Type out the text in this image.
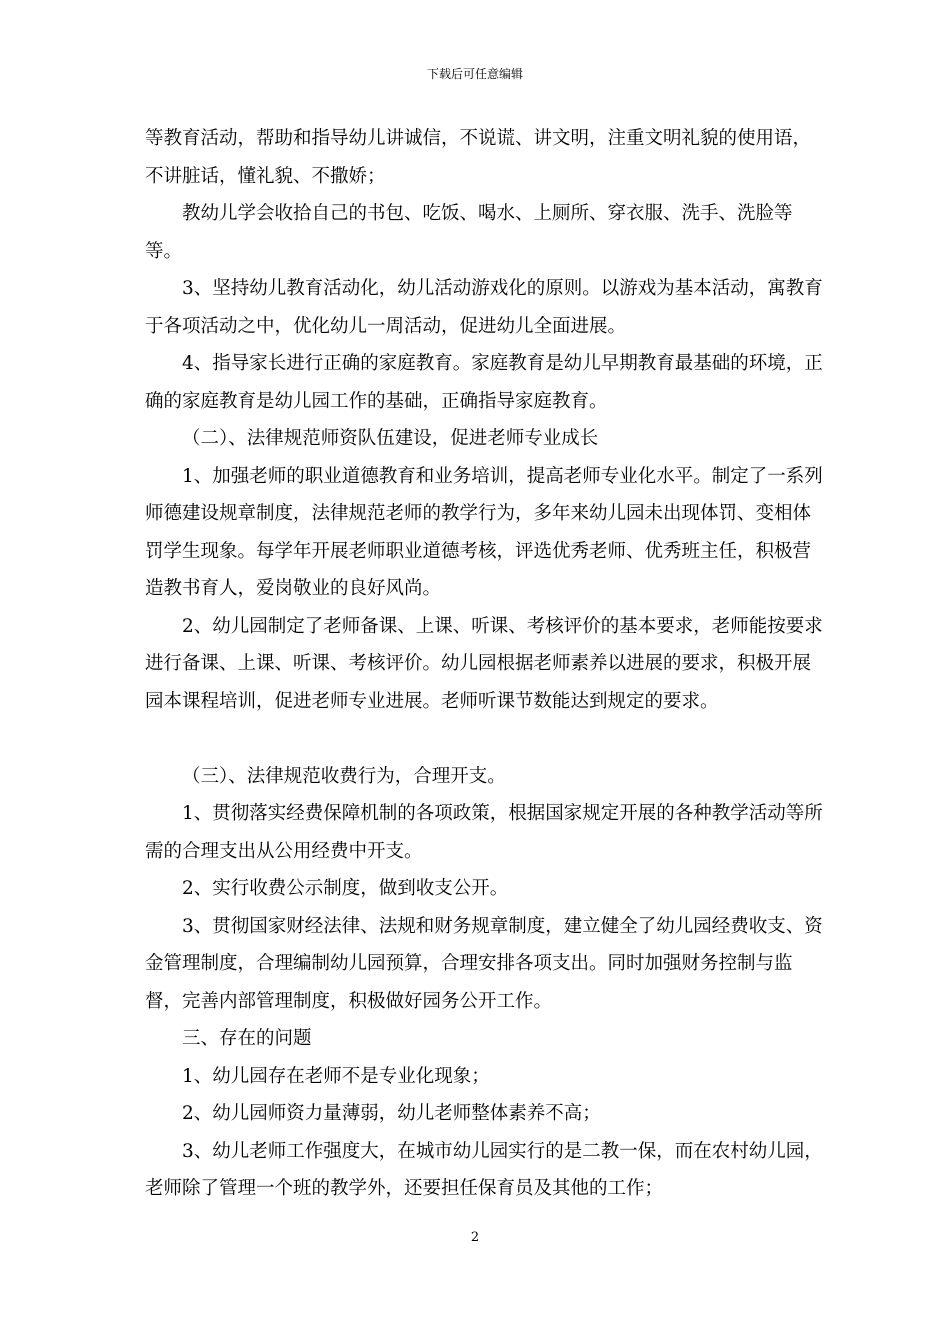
下载后可任意编辑

等教育活动，帮助和指导幼儿讲诚信，不说谎、讲文明，注重文明礼貌的使用语，不讲脏话，懂礼貌、不撒娇；

教幼儿学会收拾自己的书包、吃饭、喝水、上厕所、穿衣服、洗手、洗脸等等。

3、坚持幼儿教育活动化，幼儿活动游戏化的原则。以游戏为基本活动，寓教育于各项活动之中，优化幼儿一周活动，促进幼儿全面进展。

4、指导家长进行正确的家庭教育。家庭教育是幼儿早期教育最基础的环境，正确的家庭教育是幼儿园工作的基础，正确指导家庭教育。

（二）、法律规范师资队伍建设，促进老师专业成长

1、加强老师的职业道德教育和业务培训，提高老师专业化水平。制定了一系列师德建设规章制度，法律规范老师的教学行为，多年来幼儿园未出现体罚、变相体罚学生现象。每学年开展老师职业道德考核，评选优秀老师、优秀班主任，积极营造教书育人，爱岗敬业的良好风尚。

2、幼儿园制定了老师备课、上课、听课、考核评价的基本要求，老师能按要求进行备课、上课、听课、考核评价。幼儿园根据老师素养以进展的要求，积极开展园本课程培训，促进老师专业进展。老师听课节数能达到规定的要求。

（三）、法律规范收费行为，合理开支。

1、贯彻落实经费保障机制的各项政策，根据国家规定开展的各种教学活动等所需的合理支出从公用经费中开支。

2、实行收费公示制度，做到收支公开。

3、贯彻国家财经法律、法规和财务规章制度，建立健全了幼儿园经费收支、资金管理制度，合理编制幼儿园预算，合理安排各项支出。同时加强财务控制与监督，完善内部管理制度，积极做好园务公开工作。

三、存在的问题

1、幼儿园存在老师不是专业化现象；

2、幼儿园师资力量薄弱，幼儿老师整体素养不高；

3、幼儿老师工作强度大，在城市幼儿园实行的是二教一保，而在农村幼儿园，老师除了管理一个班的教学外，还要担任保育员及其他的工作；

2
